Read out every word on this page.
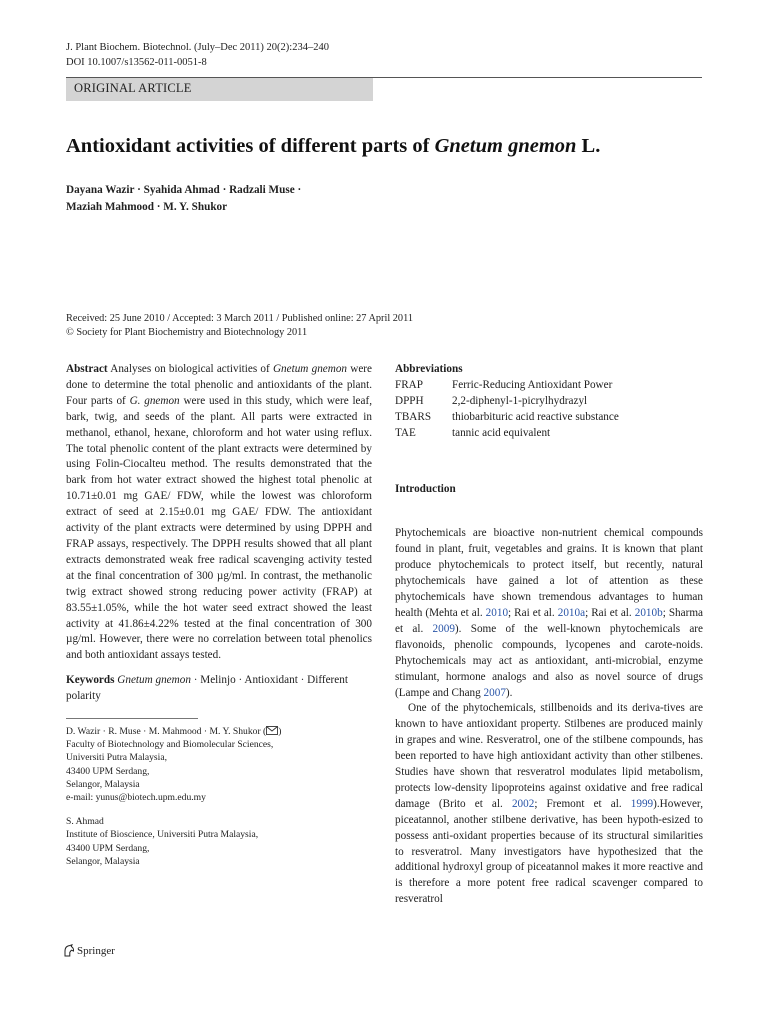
J. Plant Biochem. Biotechnol. (July–Dec 2011) 20(2):234–240
DOI 10.1007/s13562-011-0051-8
ORIGINAL ARTICLE
Antioxidant activities of different parts of Gnetum gnemon L.
Dayana Wazir · Syahida Ahmad · Radzali Muse ·
Maziah Mahmood · M. Y. Shukor
Received: 25 June 2010 / Accepted: 3 March 2011 / Published online: 27 April 2011
© Society for Plant Biochemistry and Biotechnology 2011

Abstract Analyses on biological activities of Gnetum gnemon were done to determine the total phenolic and antioxidants of the plant. Four parts of G. gnemon were used in this study, which were leaf, bark, twig, and seeds of the plant. All parts were extracted in methanol, ethanol, hexane, chloroform and hot water using reflux. The total phenolic content of the plant extracts were determined by using Folin-Ciocalteu method. The results demonstrated that the bark from hot water extract showed the highest total phenolic at 10.71±0.01 mg GAE/ FDW, while the lowest was chloroform extract of seed at 2.15±0.01 mg GAE/ FDW. The antioxidant activity of the plant extracts were determined by using DPPH and FRAP assays, respectively. The DPPH results showed that all plant extracts demonstrated weak free radical scavenging activity tested at the final concentration of 300 µg/ml. In contrast, the methanolic twig extract showed strong reducing power activity (FRAP) at 83.55±1.05%, while the hot water seed extract showed the least activity at 41.86±4.22% tested at the final concentration of 300 µg/ml. However, there were no correlation between total phenolics and both antioxidant assays tested.

Keywords Gnetum gnemon · Melinjo · Antioxidant · Different polarity

D. Wazir · R. Muse · M. Mahmood · M. Y. Shukor ( )
Faculty of Biotechnology and Biomolecular Sciences,
Universiti Putra Malaysia,
43400 UPM Serdang,
Selangor, Malaysia
e-mail: yunus@biotech.upm.edu.my
S. Ahmad
Institute of Bioscience, Universiti Putra Malaysia,
43400 UPM Serdang,
Selangor, Malaysia
Abbreviations
FRAP	Ferric-Reducing Antioxidant Power
DPPH	2,2-diphenyl-1-picrylhydrazyl
TBARS	thiobarbituric acid reactive substance
TAE	tannic acid equivalent

Introduction

Phytochemicals are bioactive non-nutrient chemical compounds found in plant, fruit, vegetables and grains. It is known that plant produce phytochemicals to protect itself, but recently, natural phytochemicals have gained a lot of attention as these phytochemicals have shown tremendous advantages to human health (Mehta et al. 2010; Rai et al. 2010a; Rai et al. 2010b; Sharma et al. 2009). Some of the well-known phytochemicals are flavonoids, phenolic compounds, lycopenes and carote-noids. Phytochemicals may act as antioxidant, anti-microbial, enzyme stimulant, hormone analogs and also as novel source of drugs (Lampe and Chang 2007).

One of the phytochemicals, stillbenoids and its deriva-tives are known to have antioxidant property. Stilbenes are produced mainly in grapes and wine. Resveratrol, one of the stilbene compounds, has been reported to have high antioxidant activity than other stilbenes. Studies have shown that resveratrol modulates lipid metabolism, protects low-density lipoproteins against oxidative and free radical damage (Brito et al. 2002; Fremont et al. 1999).However, piceatannol, another stilbene derivative, has been hypoth-esized to possess anti-oxidant properties because of its structural similarities to resveratrol. Many investigators have hypothesized that the additional hydroxyl group of piceatannol makes it more reactive and is therefore a more potent free radical scavenger compared to resveratrol

Springer
